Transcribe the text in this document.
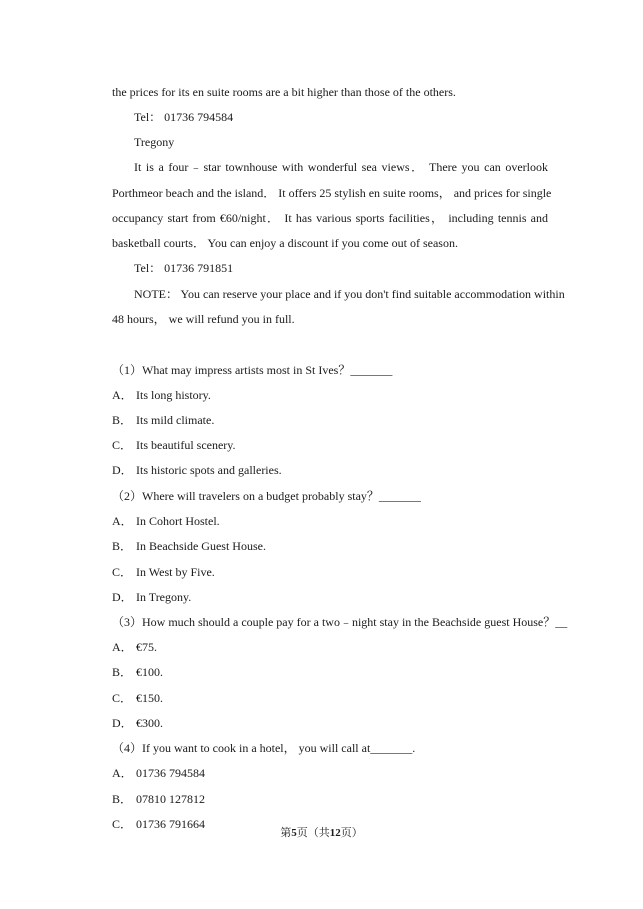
the prices for its en suite rooms are a bit higher than those of the others.
Tel： 01736 794584
Tregony
It is a four﹣star townhouse with wonderful sea views． There you can overlook
Porthmeor beach and the island． It offers 25 stylish en suite rooms， and prices for single
occupancy start from €60/night． It has various sports facilities， including tennis and
basketball courts． You can enjoy a discount if you come out of season.
Tel： 01736 791851
NOTE： You can reserve your place and if you don't find suitable accommodation within
48 hours， we will refund you in full.
（1）What may impress artists most in St Ives？_______
A． Its long history.
B． Its mild climate.
C． Its beautiful scenery.
D． Its historic spots and galleries.
（2）Where will travelers on a budget probably stay？_______
A． In Cohort Hostel.
B． In Beachside Guest House.
C． In West by Five.
D． In Tregony.
（3）How much should a couple pay for a two﹣night stay in the Beachside guest House？__
A． €75.
B． €100.
C． €150.
D． €300.
（4）If you want to cook in a hotel， you will call at_______.
A． 01736 794584
B． 07810 127812
C． 01736 791664
第5页（共12页）
